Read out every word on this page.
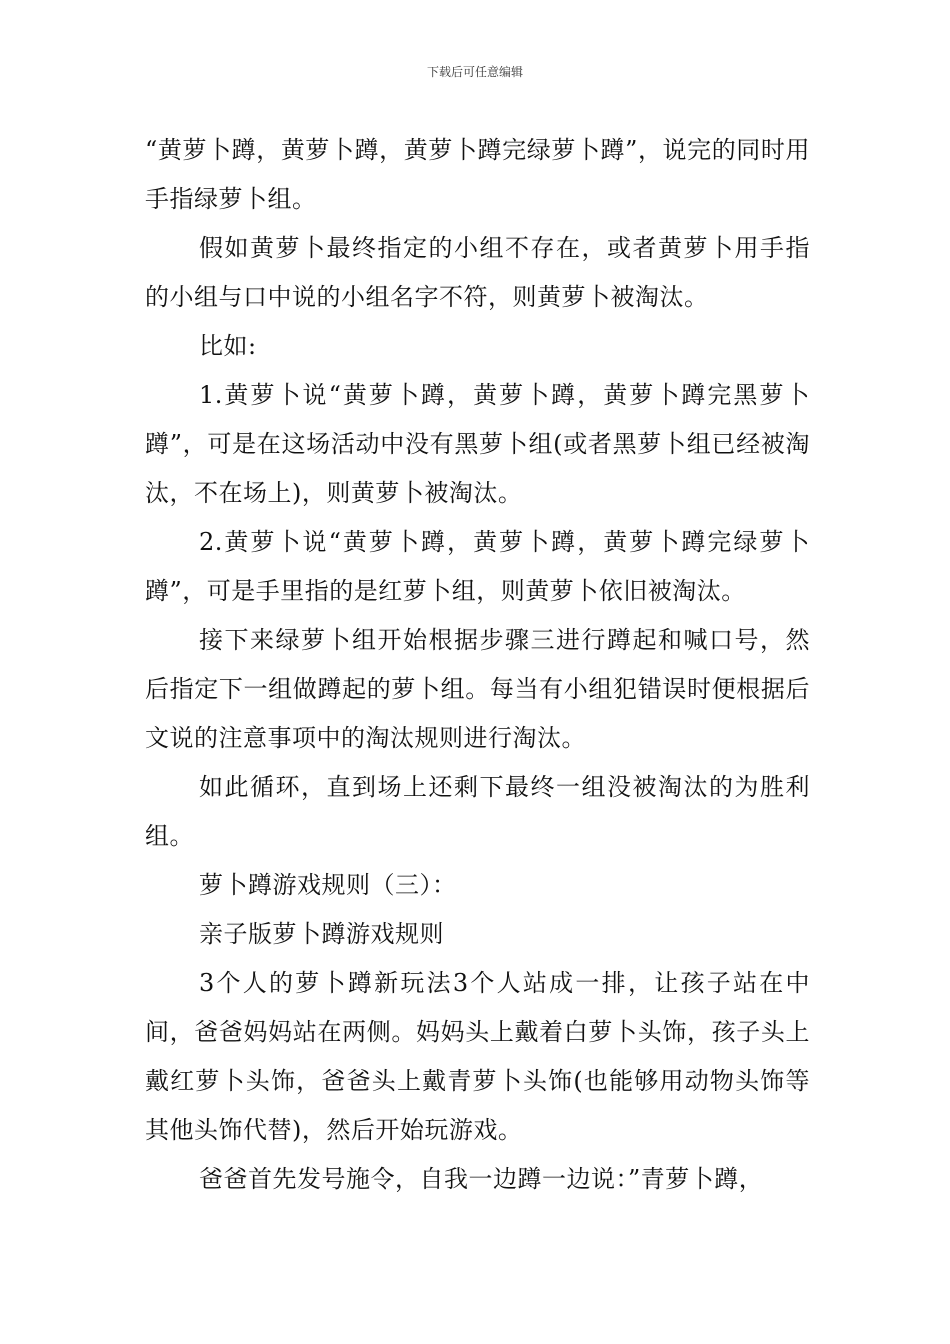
下载后可任意编辑

“黄萝卜蹲，黄萝卜蹲，黄萝卜蹲完绿萝卜蹲”，说完的同时用手指绿萝卜组。

假如黄萝卜最终指定的小组不存在，或者黄萝卜用手指的小组与口中说的小组名字不符，则黄萝卜被淘汰。

比如:

1.黄萝卜说“黄萝卜蹲，黄萝卜蹲，黄萝卜蹲完黑萝卜蹲”，可是在这场活动中没有黑萝卜组(或者黑萝卜组已经被淘汰，不在场上)，则黄萝卜被淘汰。

2.黄萝卜说“黄萝卜蹲，黄萝卜蹲，黄萝卜蹲完绿萝卜蹲”，可是手里指的是红萝卜组，则黄萝卜依旧被淘汰。

接下来绿萝卜组开始根据步骤三进行蹲起和喊口号，然后指定下一组做蹲起的萝卜组。每当有小组犯错误时便根据后文说的注意事项中的淘汰规则进行淘汰。

如此循环，直到场上还剩下最终一组没被淘汰的为胜利组。

萝卜蹲游戏规则（三）：

亲子版萝卜蹲游戏规则

3个人的萝卜蹲新玩法3个人站成一排，让孩子站在中间，爸爸妈妈站在两侧。妈妈头上戴着白萝卜头饰，孩子头上戴红萝卜头饰，爸爸头上戴青萝卜头饰(也能够用动物头饰等其他头饰代替)，然后开始玩游戏。

爸爸首先发号施令，自我一边蹲一边说：”青萝卜蹲，
